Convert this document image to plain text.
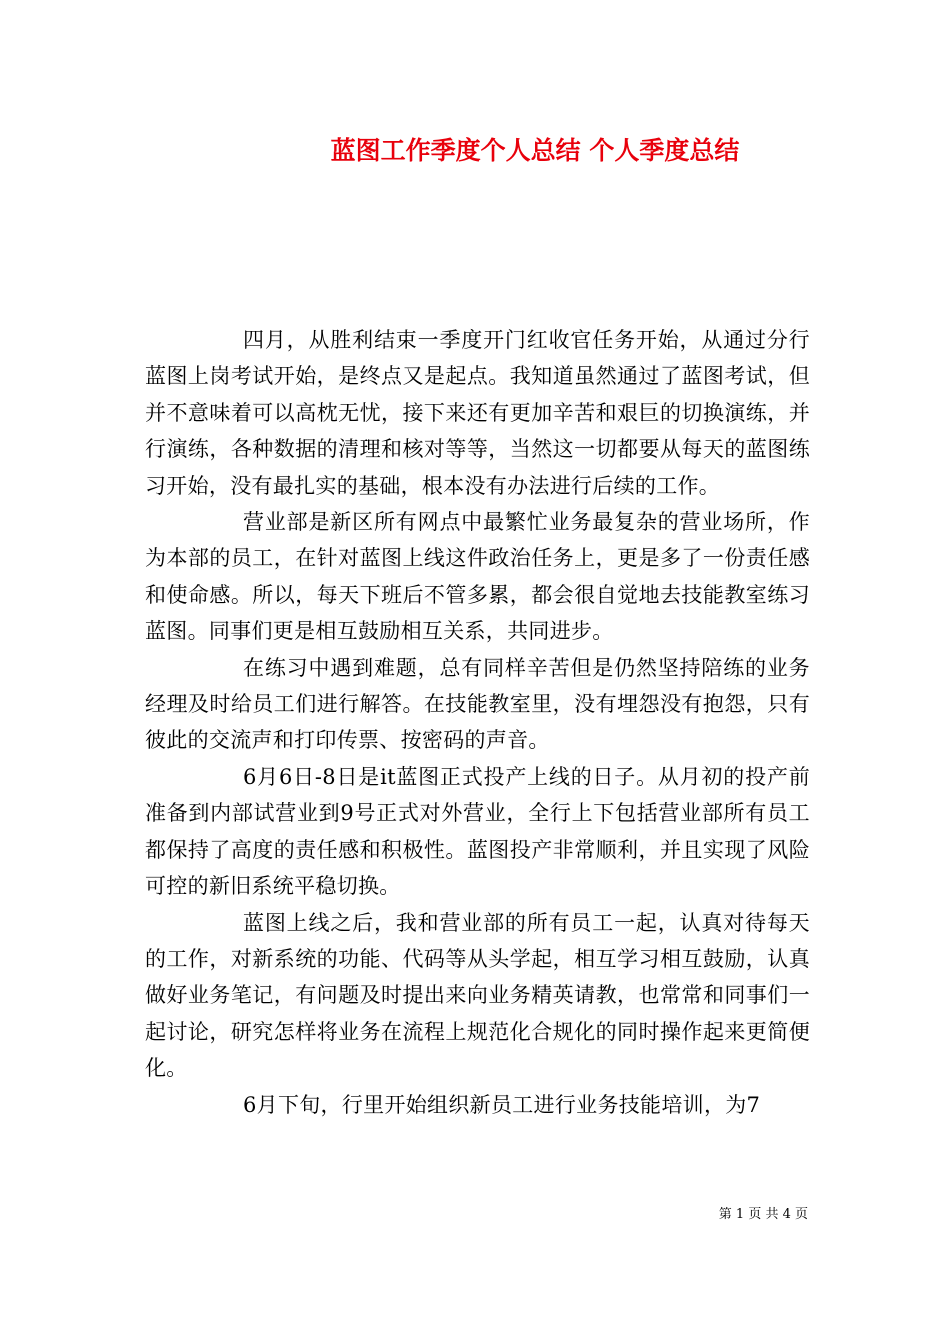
蓝图工作季度个人总结 个人季度总结

四月，从胜利结束一季度开门红收官任务开始，从通过分行蓝图上岗考试开始，是终点又是起点。我知道虽然通过了蓝图考试，但并不意味着可以高枕无忧，接下来还有更加辛苦和艰巨的切换演练，并行演练，各种数据的清理和核对等等，当然这一切都要从每天的蓝图练习开始，没有最扎实的基础，根本没有办法进行后续的工作。

营业部是新区所有网点中最繁忙业务最复杂的营业场所，作为本部的员工，在针对蓝图上线这件政治任务上，更是多了一份责任感和使命感。所以，每天下班后不管多累，都会很自觉地去技能教室练习蓝图。同事们更是相互鼓励相互关系，共同进步。

在练习中遇到难题，总有同样辛苦但是仍然坚持陪练的业务经理及时给员工们进行解答。在技能教室里，没有埋怨没有抱怨，只有彼此的交流声和打印传票、按密码的声音。

6月6日-8日是it蓝图正式投产上线的日子。从月初的投产前准备到内部试营业到9号正式对外营业，全行上下包括营业部所有员工都保持了高度的责任感和积极性。蓝图投产非常顺利，并且实现了风险可控的新旧系统平稳切换。

蓝图上线之后，我和营业部的所有员工一起，认真对待每天的工作，对新系统的功能、代码等从头学起，相互学习相互鼓励，认真做好业务笔记，有问题及时提出来向业务精英请教，也常常和同事们一起讨论，研究怎样将业务在流程上规范化合规化的同时操作起来更简便化。

6月下旬，行里开始组织新员工进行业务技能培训，为7

第 1 页 共 4 页
